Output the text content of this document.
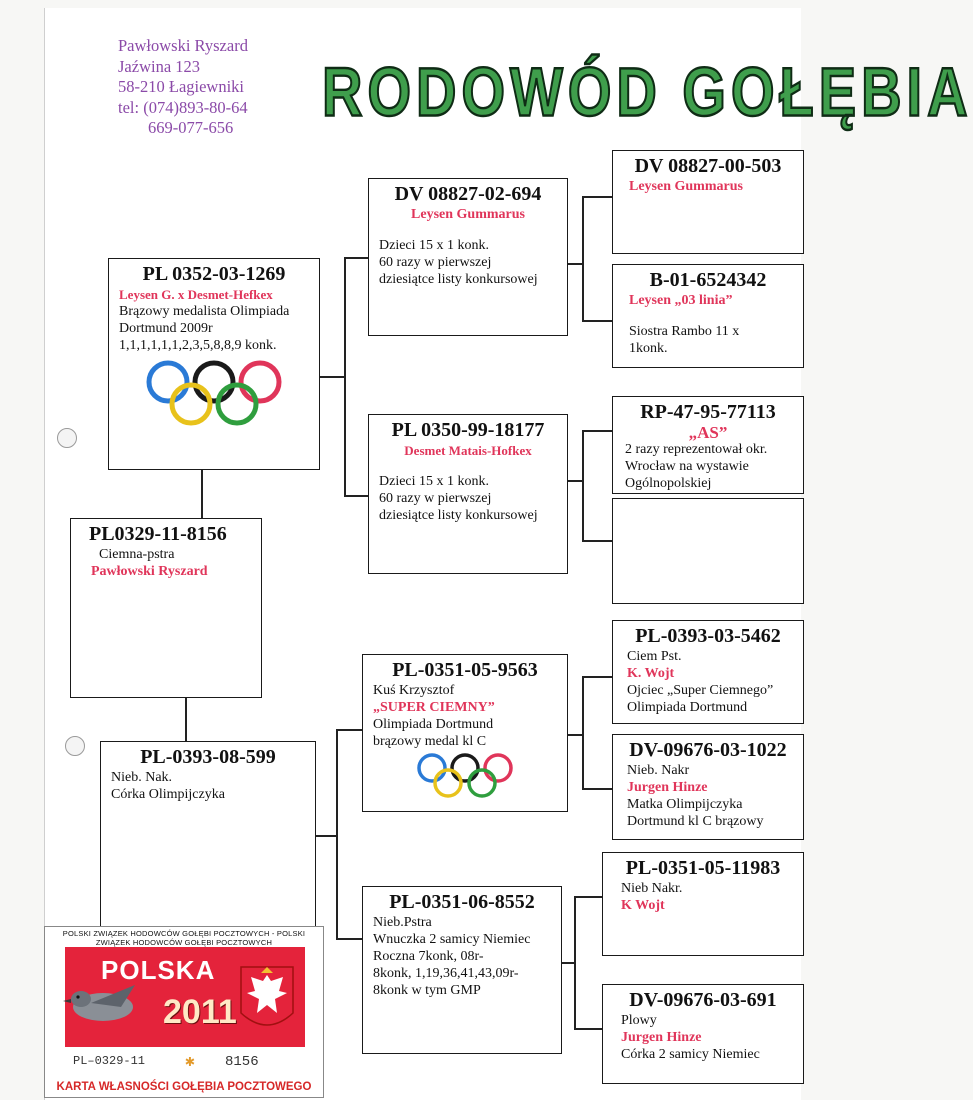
Pawłowski Ryszard
Jaźwina 123
58-210 Łagiewniki
tel: (074)893-80-64
669-077-656 RODOWÓD GOŁĘBIA
PL0329-11-8156
Ciemna-pstra
Pawłowski Ryszard
PL 0352-03-1269
Leysen G. x Desmet-Hefkex
Brązowy medalista Olimpiada
Dortmund 2009r
1,1,1,1,1,1,2,3,5,8,8,9 konk.
PL-0393-08-599
Nieb. Nak.
Córka Olimpijczyka
DV 08827-02-694
Leysen Gummarus
Dzieci 15 x 1 konk.
60 razy w pierwszej
dziesiątce listy konkursowej
PL 0350-99-18177
Desmet Matais-Hofkex
Dzieci 15 x 1 konk.
60 razy w pierwszej
dziesiątce listy konkursowej
PL-0351-05-9563
Kuś Krzysztof
„SUPER CIEMNY”
Olimpiada Dortmund
brązowy medal kl C
PL-0351-06-8552
Nieb.Pstra
Wnuczka 2 samicy Niemiec
Roczna 7konk, 08r-
8konk, 1,19,36,41,43,09r-
8konk w tym GMP
DV 08827-00-503
Leysen Gummarus
B-01-6524342
Leysen „03 linia”
Siostra Rambo 11 x
1konk.
RP-47-95-77113
„AS”
2 razy reprezentował okr.
Wrocław na wystawie
Ogólnopolskiej
PL-0393-03-5462
Ciem Pst.
K. Wojt
Ojciec „Super Ciemnego”
Olimpiada Dortmund
DV-09676-03-1022
Nieb. Nakr
Jurgen Hinze
Matka Olimpijczyka
Dortmund kl C brązowy
PL-0351-05-11983
Nieb Nakr.
K Wojt
DV-09676-03-691
Plowy
Jurgen Hinze
Córka 2 samicy Niemiec
POLSKI ZWIĄZEK HODOWCÓW GOŁĘBI POCZTOWYCH - POLSKI ZWIĄZEK HODOWCÓW GOŁĘBI POCZTOWYCH
POLSKA
2011
PL–0329-11 ✱ 8156
KARTA WŁASNOŚCI GOŁĘBIA POCZTOWEGO
